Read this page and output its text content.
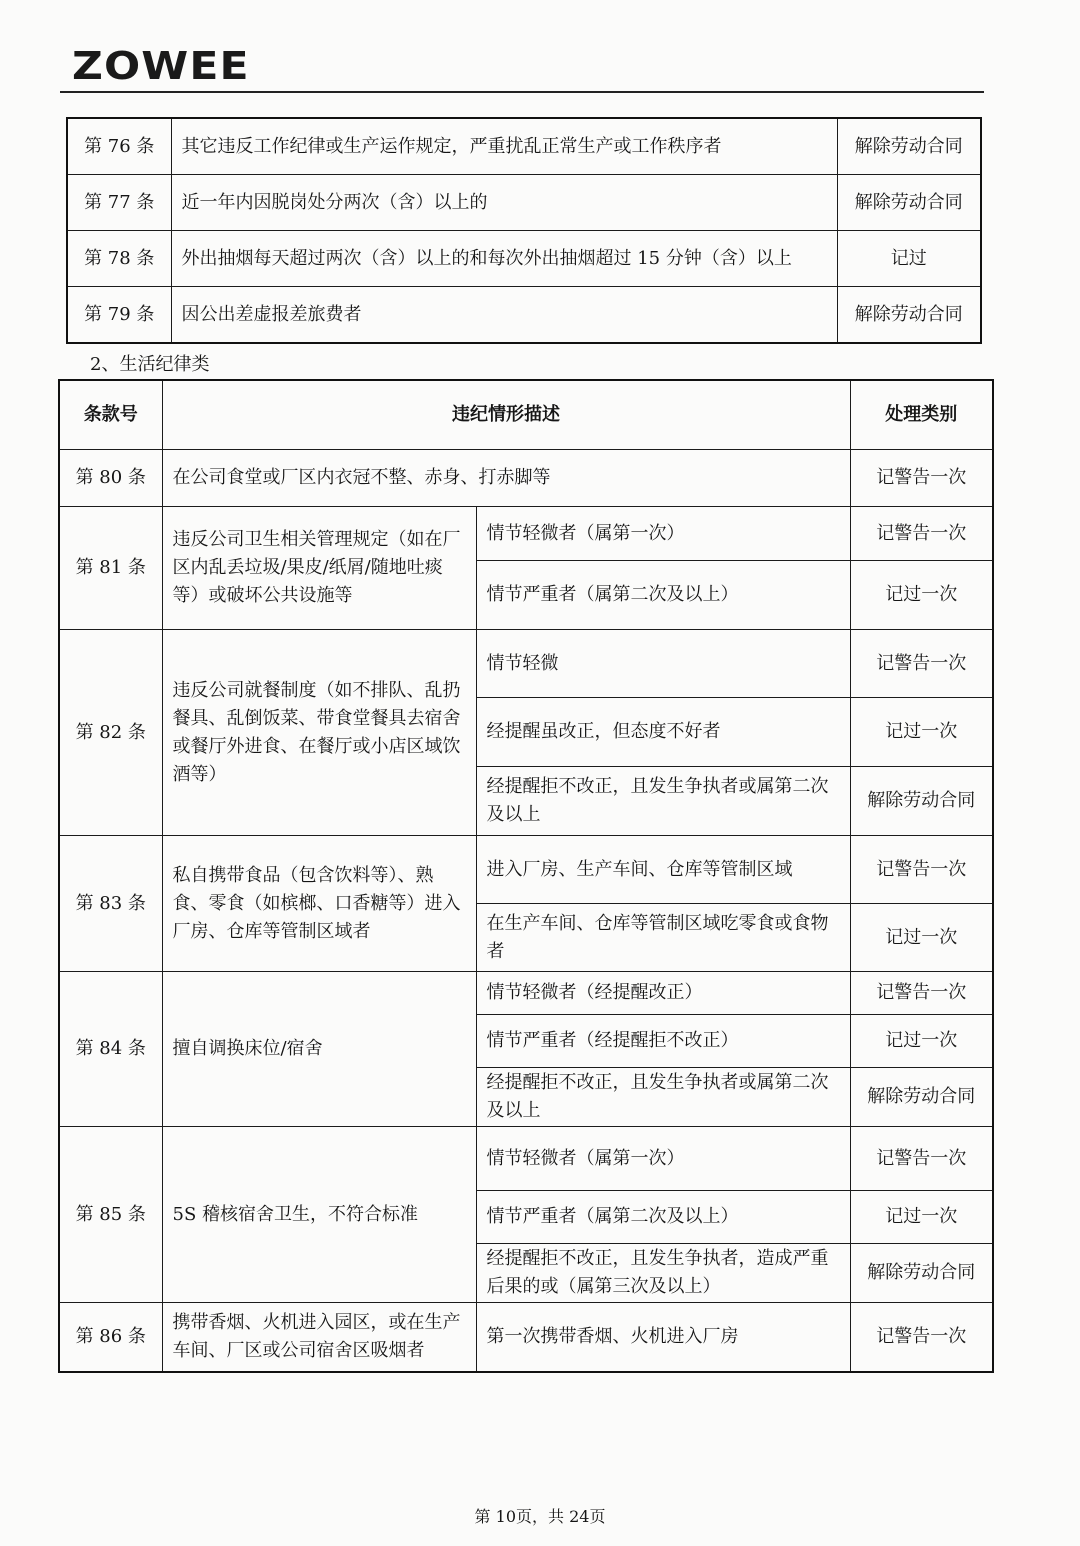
ZOWEE
第 76 条	其它违反工作纪律或生产运作规定，严重扰乱正常生产或工作秩序者	解除劳动合同
第 77 条	近一年内因脱岗处分两次（含）以上的	解除劳动合同
第 78 条	外出抽烟每天超过两次（含）以上的和每次外出抽烟超过 15 分钟（含）以上	记过
第 79 条	因公出差虚报差旅费者	解除劳动合同
2、生活纪律类
条款号	违纪情形描述		处理类别
第 80 条	在公司食堂或厂区内衣冠不整、赤身、打赤脚等		记警告一次
第 81 条	违反公司卫生相关管理规定（如在厂区内乱丢垃圾/果皮/纸屑/随地吐痰等）或破坏公共设施等	情节轻微者（属第一次）	记警告一次
		情节严重者（属第二次及以上）	记过一次
第 82 条	违反公司就餐制度（如不排队、乱扔餐具、乱倒饭菜、带食堂餐具去宿舍或餐厅外进食、在餐厅或小店区域饮酒等）	情节轻微	记警告一次
		经提醒虽改正，但态度不好者	记过一次
		经提醒拒不改正，且发生争执者或属第二次及以上	解除劳动合同
第 83 条	私自携带食品（包含饮料等）、熟食、零食（如槟榔、口香糖等）进入厂房、仓库等管制区域者	进入厂房、生产车间、仓库等管制区域	记警告一次
		在生产车间、仓库等管制区域吃零食或食物者	记过一次
第 84 条	擅自调换床位/宿舍	情节轻微者（经提醒改正）	记警告一次
		情节严重者（经提醒拒不改正）	记过一次
		经提醒拒不改正，且发生争执者或属第二次及以上	解除劳动合同
第 85 条	5S 稽核宿舍卫生，不符合标准	情节轻微者（属第一次）	记警告一次
		情节严重者（属第二次及以上）	记过一次
		经提醒拒不改正，且发生争执者，造成严重后果的或（属第三次及以上）	解除劳动合同
第 86 条	携带香烟、火机进入园区，或在生产车间、厂区或公司宿舍区吸烟者	第一次携带香烟、火机进入厂房	记警告一次
第 10页，共 24页
